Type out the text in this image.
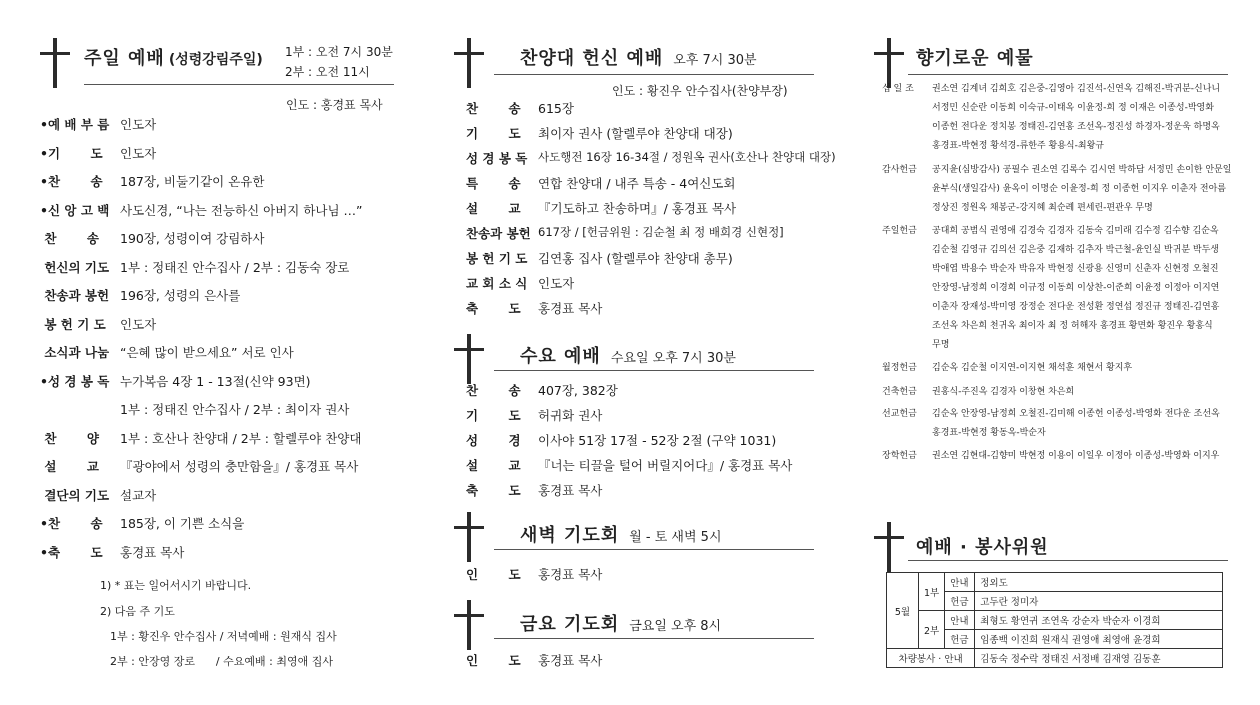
주일 예배 (성령강림주일) 1부 : 오전 7시 30분
2부 : 오전 11시
인도 : 홍경표 목사
•예 배 부 름 인도자
•기       도 인도자
•찬       송 187장, 비둘기같이 온유한
•신 앙 고 백 사도신경, “나는 전능하신 아버지 하나님 …”
찬       송 190장, 성령이여 강림하사
헌신의 기도 1부 : 정태진 안수집사 / 2부 : 김동숙 장로
찬송과 봉헌 196장, 성령의 은사를
봉 헌 기 도 인도자
소식과 나눔 “은혜 많이 받으세요” 서로 인사
•성 경 봉 독 누가복음 4장 1 - 13절(신약 93면)
1부 : 정태진 안수집사 / 2부 : 최이자 권사
찬       양 1부 : 호산나 찬양대 / 2부 : 할렐루야 찬양대
설       교 『광야에서 성령의 충만함을』/ 홍경표 목사
결단의 기도 설교자
•찬       송 185장, 이 기쁜 소식을
•축       도 홍경표 목사
1) * 표는 일어서시기 바랍니다.
2) 다음 주 기도
1부 : 황진우 안수집사 / 저녁예배 : 원재식 집사
2부 : 안장영 장로      / 수요예배 : 최영애 집사
찬양대 헌신 예배 오후 7시 30분
인도 : 황진우 안수집사(찬양부장)
찬       송 615장
기       도 최이자 권사 (할렐루야 찬양대 대장)
성 경 봉 독 사도행전 16장 16-34절 / 정원옥 권사(호산나 찬양대 대장)
특       송 연합 찬양대 / 내주 특송 - 4여신도회
설       교 『기도하고 찬송하며』/ 홍경표 목사
찬송과 봉헌 617장 / [헌금위원 : 김순철 최 정 배희경 신현정]
봉 헌 기 도 김연홍 집사 (할렐루야 찬양대 총무)
교 회 소 식 인도자
축       도 홍경표 목사
수요 예배 수요일 오후 7시 30분
찬       송 407장, 382장
기       도 허귀화 권사
성       경 이사야 51장 17절 - 52장 2절 (구약 1031)
설       교 『너는 티끌을 털어 버릴지어다』/ 홍경표 목사
축       도 홍경표 목사
새벽 기도회 월 - 토 새벽 5시
인       도 홍경표 목사
금요 기도회 금요일 오후 8시
인       도 홍경표 목사
향기로운 예물
십 일 조 권소연 김계녀 김희호 김은중-김영아 김진석-신연옥 김해진-박귀분-신나니
서정민 신순란 이동희 이숙규-이태옥 이윤정-희 정 이재은 이종성-박영화
이종헌 전다운 정치봉 정태진-김연홍 조선옥-정진성 하경자-정운욱 하명옥
홍경표-박현정 황석경-류한주 황용식-최왕규
감사헌금 공지윤(심방감사) 공필수 권소연 김록수 김시연 박하담 서정민 손이한 안문일
윤부식(생일감사) 윤옥이 이명순 이윤정-희 정 이종헌 이지우 이춘자 전아름
정상진 정원옥 채봉군-강지혜 최순례 편세린-편관우 무명
주일헌금 공대희 공범식 권영애 김경숙 김경자 김동숙 김미래 김수정 김수향 김순옥
김순철 김영규 김의선 김은중 김재하 김추자 박근철-윤인실 박귀분 박두생
박애엽 박용수 박순자 박유자 박현정 신광용 신영미 신춘자 신현정 오철진
안장영-남정희 이경희 이규정 이동희 이상찬-이준희 이윤정 이정아 이지연
이춘자 장재성-박미영 장정순 전다운 전성환 정연섭 정진규 정태진-김연홍
조선옥 차은희 천귀옥 최이자 최 정 허해자 홍경표 황면화 황진우 황홍식
무명
월정헌금 김순옥 김순철 이지연-이지현 채석훈 채현서 황지후
건축헌금 권홍식-주진옥 김경자 이창현 차은희
선교헌금 김순옥 안장영-남정희 오철진-김미해 이종헌 이종성-박영화 전다운 조선옥
홍경표-박현정 황동옥-박순자
장학헌금 권소연 김현대-김향미 박현정 이용이 이일우 이정아 이종성-박영화 이지우
예배 · 봉사위원
5월	1부	안내	정외도
		헌금	고두란 정미자
	2부	안내	최형도 황연귀 조연옥 강순자 박순자 이경희
		헌금	임종백 이진희 원재식 권영애 최영애 윤경희
차량봉사 · 안내			김동숙 정수락 정태진 서정배 김재영 김동훈
